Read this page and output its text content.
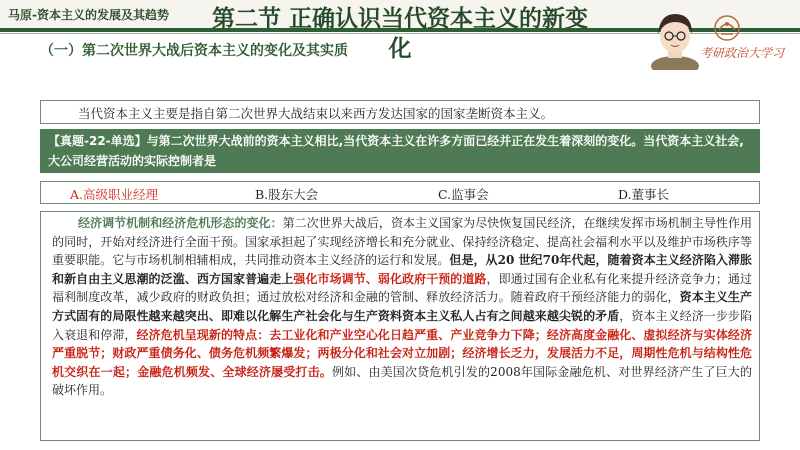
马原-资本主义的发展及其趋势 第二节 正确认识当代资本主义的新变化	考研政治大学习
（一）第二次世界大战后资本主义的变化及其实质
当代资本主义主要是指自第二次世界大战结束以来西方发达国家的国家垄断资本主义。
【真题-22-单选】与第二次世界大战前的资本主义相比,当代资本主义在许多方面已经并正在发生着深刻的变化。当代资本主义社会,大公司经营活动的实际控制者是
A.高级职业经理	B.股东大会	C.监事会	D.董事长
经济调节机制和经济危机形态的变化：第二次世界大战后，资本主义国家为尽快恢复国民经济，在继续发挥市场机制主导性作用的同时，开始对经济进行全面干预。国家承担起了实现经济增长和充分就业、保持经济稳定、提高社会福利水平以及维护市场秩序等重要职能。它与市场机制相辅相成，共同推动资本主义经济的运行和发展。但是，从20 世纪70年代起，随着资本主义经济陷入滞胀和新自由主义思潮的泛滥、西方国家普遍走上强化市场调节、弱化政府干预的道路，即通过国有企业私有化来提升经济竞争力；通过福利制度改革，减少政府的财政负担；通过放松对经济和金融的管制、释放经济活力。随着政府干预经济能力的弱化，资本主义生产方式固有的局限性越来越突出、即难以化解生产社会化与生产资料资本主义私人占有之间越来越尖锐的矛盾，资本主义经济一步步陷入衰退和停滞，经济危机呈现新的特点：去工业化和产业空心化日趋严重、产业竞争力下降；经济高度金融化、虚拟经济与实体经济严重脱节；财政严重债务化、债务危机频繁爆发；两极分化和社会对立加剧；经济增长乏力，发展活力不足，周期性危机与结构性危机交织在一起；金融危机频发、全球经济屡受打击。例如、由美国次贷危机引发的2008年国际金融危机、对世界经济产生了巨大的破坏作用。
